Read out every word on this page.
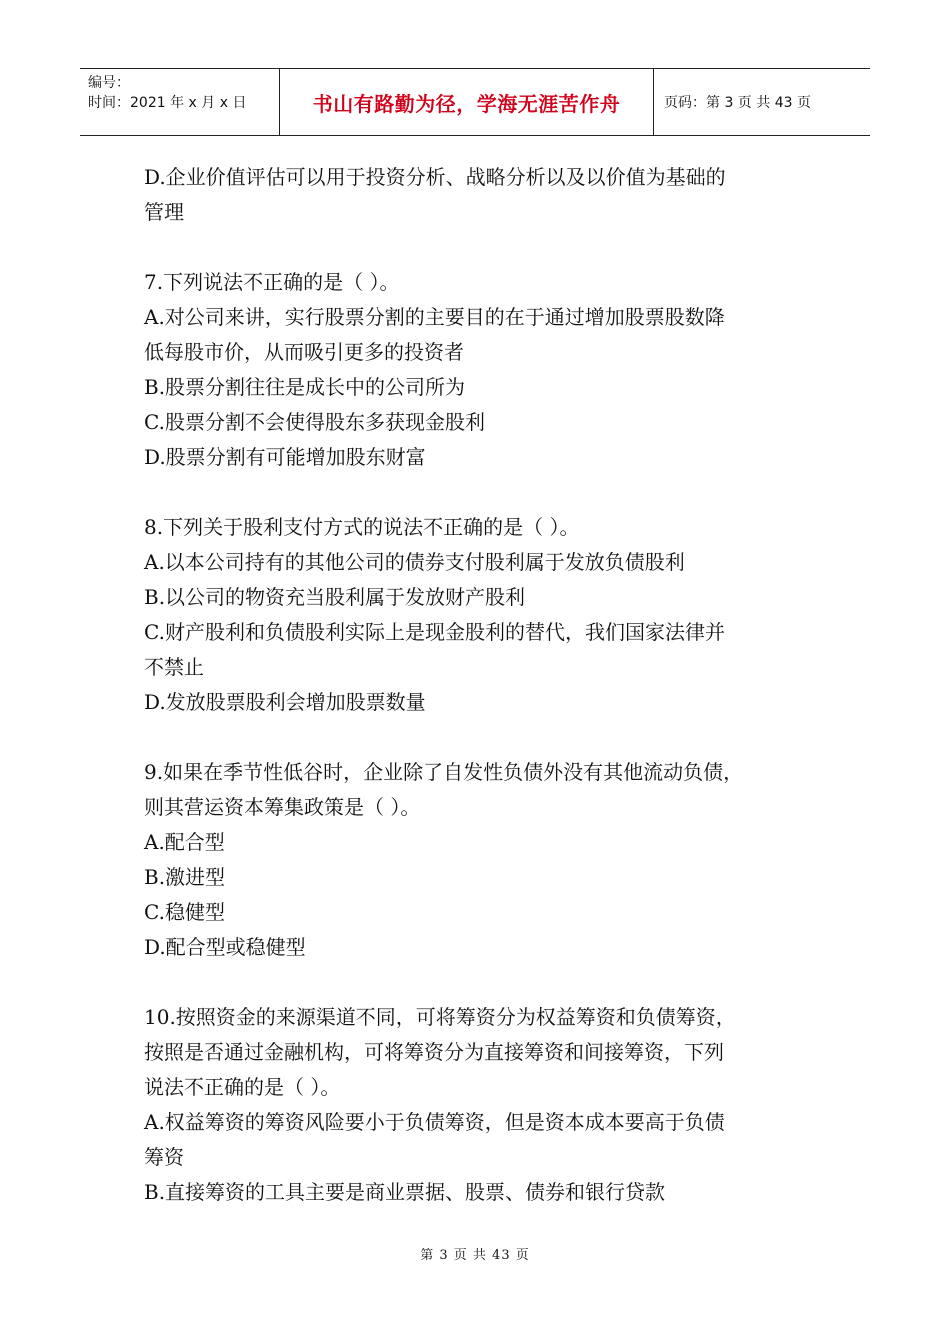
编号：
时间：2021 年 x 月 x 日	书山有路勤为径，学海无涯苦作舟	页码：第 3 页 共 43 页
D.企业价值评估可以用于投资分析、战略分析以及以价值为基础的
管理
7.下列说法不正确的是（ ）。
A.对公司来讲，实行股票分割的主要目的在于通过增加股票股数降
低每股市价，从而吸引更多的投资者
B.股票分割往往是成长中的公司所为
C.股票分割不会使得股东多获现金股利
D.股票分割有可能增加股东财富
8.下列关于股利支付方式的说法不正确的是（ ）。
A.以本公司持有的其他公司的债券支付股利属于发放负债股利
B.以公司的物资充当股利属于发放财产股利
C.财产股利和负债股利实际上是现金股利的替代，我们国家法律并
不禁止
D.发放股票股利会增加股票数量
9.如果在季节性低谷时，企业除了自发性负债外没有其他流动负债，
则其营运资本筹集政策是（ ）。
A.配合型
B.激进型
C.稳健型
D.配合型或稳健型
10.按照资金的来源渠道不同，可将筹资分为权益筹资和负债筹资，
按照是否通过金融机构，可将筹资分为直接筹资和间接筹资，下列
说法不正确的是（ ）。
A.权益筹资的筹资风险要小于负债筹资，但是资本成本要高于负债
筹资
B.直接筹资的工具主要是商业票据、股票、债券和银行贷款
第 3 页 共 43 页
